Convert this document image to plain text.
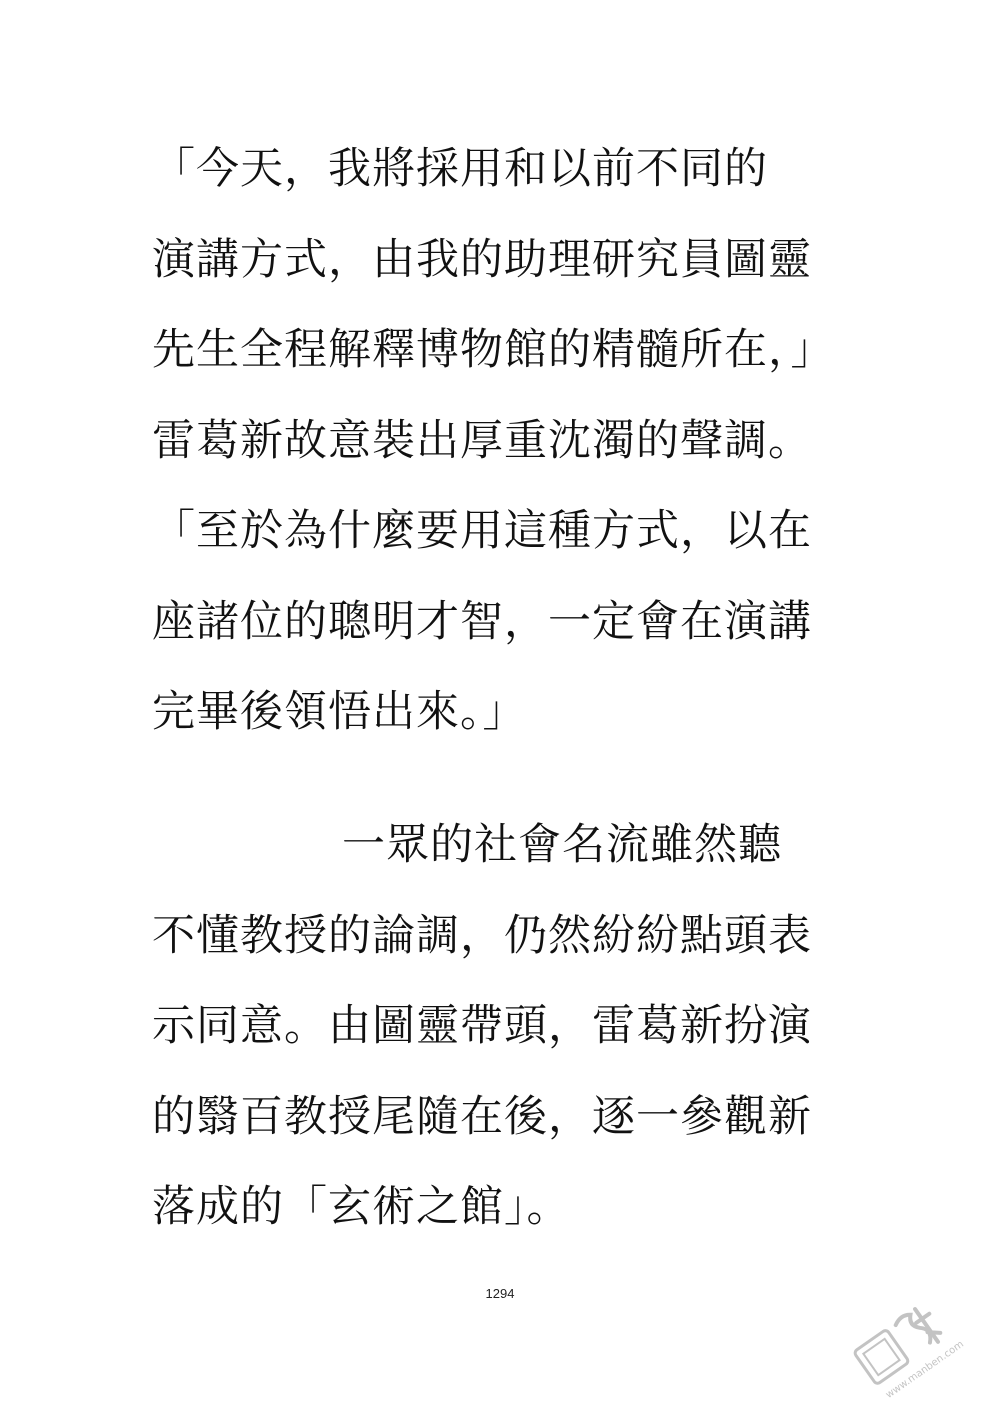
「今天，我將採用和以前不同的
演講方式，由我的助理研究員圖靈
先生全程解釋博物館的精髓所在，」
雷葛新故意裝出厚重沈濁的聲調。
「至於為什麼要用這種方式，以在
座諸位的聰明才智，一定會在演講
完畢後領悟出來。」
一眾的社會名流雖然聽
不懂教授的論調，仍然紛紛點頭表
示同意。由圖靈帶頭，雷葛新扮演
的翳百教授尾隨在後，逐一參觀新
落成的「玄術之館」。
1294
www.manben.com
